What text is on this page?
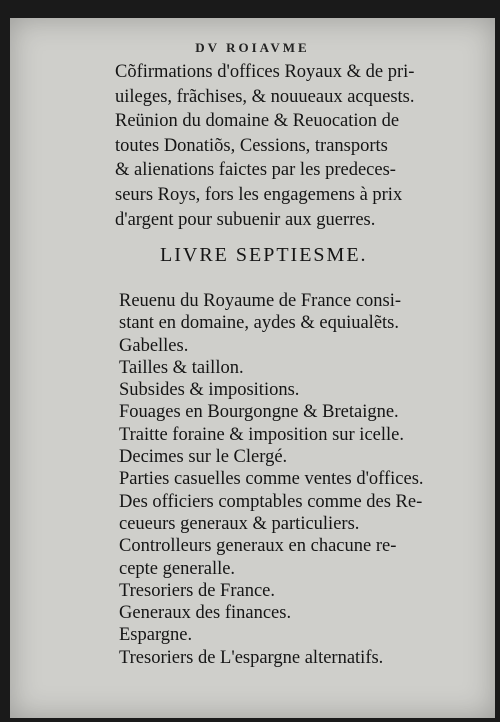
DV ROIAVME
Cõfirmations d'offices Royaux & de pri-
uileges, frãchises, & nouueaux acquests.
Reünion du domaine & Reuocation de
toutes Donatiõs, Cessions, transports
& alienations faictes par les predeces-
seurs Roys, fors les engagemens à prix
d'argent pour subuenir aux guerres.
LIVRE SEPTIESME.
Reuenu du Royaume de France consi-
stant en domaine, aydes & equiualẽts.
Gabelles.
Tailles & taillon.
Subsides & impositions.
Fouages en Bourgongne & Bretaigne.
Traitte foraine & imposition sur icelle.
Decimes sur le Clergé.
Parties casuelles comme ventes d'offices.
Des officiers comptables comme des Re-
ceueurs generaux & particuliers.
Controlleurs generaux en chacune re-
cepte generalle.
Tresoriers de France.
Generaux des finances.
Espargne.
Tresoriers de L'espargne alternatifs.
